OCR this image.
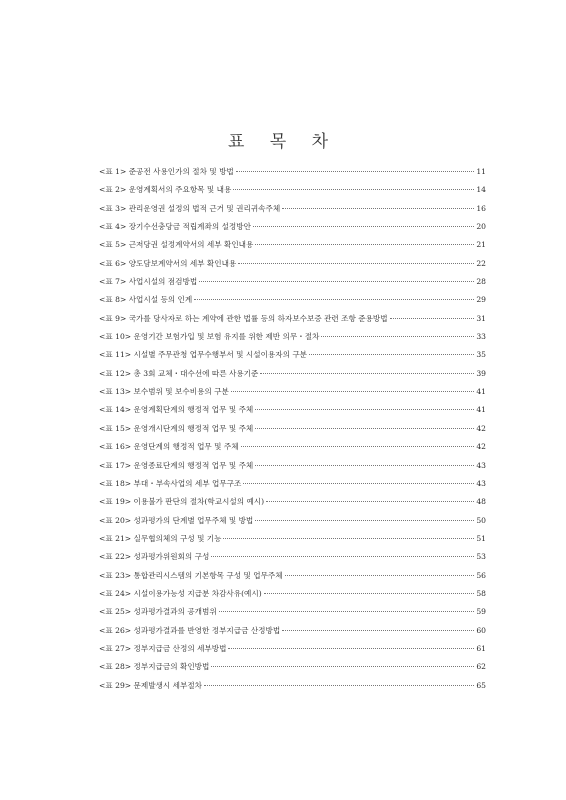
표 목 차
<표 1> 준공전 사용인가의 절차 및 방법	11
<표 2> 운영계획서의 주요항목 및 내용	14
<표 3> 관리운영권 설정의 법적 근거 및 권리귀속주체	16
<표 4> 장기수선충당금 적립계좌의 설정방안	20
<표 5> 근저당권 설정계약서의 세부 확인내용	21
<표 6> 양도담보계약서의 세부 확인내용	22
<표 7> 사업시설의 점검방법	28
<표 8> 사업시설 등의 인계	29
<표 9> 국가를 당사자로 하는 계약에 관한 법률 등의 하자보수보증 관련 조항 준용방법	31
<표 10> 운영기간 보험가입 및 보험 유지를 위한 제반 의무・절차	33
<표 11> 시설별 주무관청 업무수행부서 및 시설이용자의 구분	35
<표 12> 총 3회 교체・대수선에 따른 사용기준	39
<표 13> 보수범위 및 보수비용의 구분	41
<표 14> 운영계획단계의 행정적 업무 및 주체	41
<표 15> 운영개시단계의 행정적 업무 및 주체	42
<표 16> 운영단계의 행정적 업무 및 주체	42
<표 17> 운영종료단계의 행정적 업무 및 주체	43
<표 18> 부대・부속사업의 세부 업무구조	43
<표 19> 이용불가 판단의 절차(학교시설의 예시)	48
<표 20> 성과평가의 단계별 업무주체 및 방법	50
<표 21> 실무협의체의 구성 및 기능	51
<표 22> 성과평가위원회의 구성	53
<표 23> 통합관리시스템의 기본항목 구성 및 업무주체	56
<표 24> 시설이용가능성 지급분 차감사유(예시)	58
<표 25> 성과평가결과의 공개범위	59
<표 26> 성과평가결과를 반영한 정부지급금 산정방법	60
<표 27> 정부지급금 산정의 세부방법	61
<표 28> 정부지급금의 확인방법	62
<표 29> 문제발생시 세부절차	65
